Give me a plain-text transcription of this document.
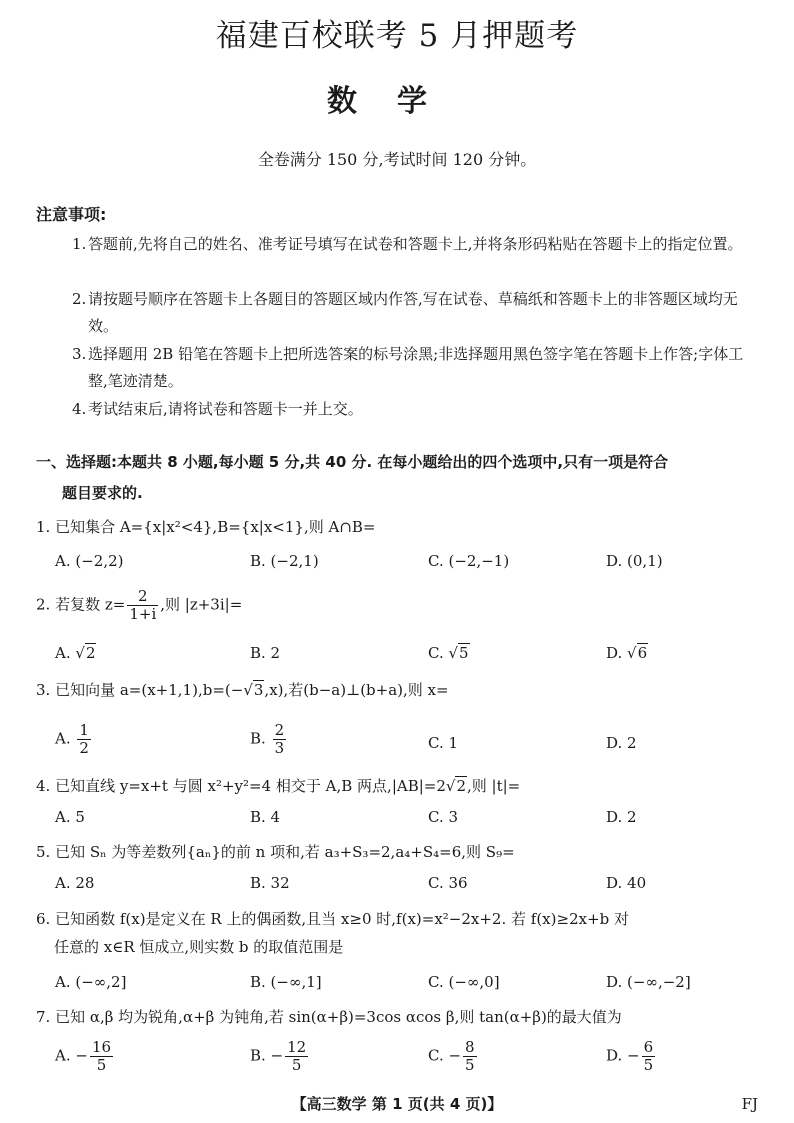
福建百校联考 5 月押题考
数学
全卷满分 150 分,考试时间 120 分钟。
注意事项:
1. 答题前,先将自己的姓名、准考证号填写在试卷和答题卡上,并将条形码粘贴在答题卡上的指定位置。
2. 请按题号顺序在答题卡上各题目的答题区域内作答,写在试卷、草稿纸和答题卡上的非答题区域均无效。
3. 选择题用 2B 铅笔在答题卡上把所选答案的标号涂黑;非选择题用黑色签字笔在答题卡上作答;字体工整,笔迹清楚。
4. 考试结束后,请将试卷和答题卡一并上交。
一、选择题:本题共 8 小题,每小题 5 分,共 40 分. 在每小题给出的四个选项中,只有一项是符合
题目要求的.
1. 已知集合 A={x|x²<4},B={x|x<1},则 A∩B=
A. (−2,2)	B. (−2,1)	C. (−2,−1)	D. (0,1)
2. 若复数 $z= \frac{2}{1+i}$ ,则 |z+3i|=
A. √2	B. 2	C. √5	D. √6
3. 已知向量 a=(x+1,1),b=(−√3,x),若(b−a)⊥(b+a),则 x=
A. $\frac{1}{2}$	B. $\frac{2}{3}$	C. 1	D. 2
4. 已知直线 y=x+t 与圆 x²+y²=4 相交于 A,B 两点,|AB|=2√2,则 |t|=
A. 5	B. 4	C. 3	D. 2
5. 已知 Sₙ 为等差数列{aₙ}的前 n 项和,若 a₃+S₃=2,a₄+S₄=6,则 S₉=
A. 28	B. 32	C. 36	D. 40
6. 已知函数 f(x)是定义在 R 上的偶函数,且当 x≥0 时,f(x)=x²−2x+2. 若 f(x)≥2x+b 对
任意的 x∈R 恒成立,则实数 b 的取值范围是
A. (−∞,2]	B. (−∞,1]	C. (−∞,0]	D. (−∞,−2]
7. 已知 α,β 均为锐角,α+β 为钝角,若 sin(α+β)=3cos αcos β,则 tan(α+β)的最大值为
A. − $\frac{16}{5}$	B. − $\frac{12}{5}$	C. − $\frac{8}{5}$	D. − $\frac{6}{5}$
【高三数学 第 1 页(共 4 页)】	FJ
